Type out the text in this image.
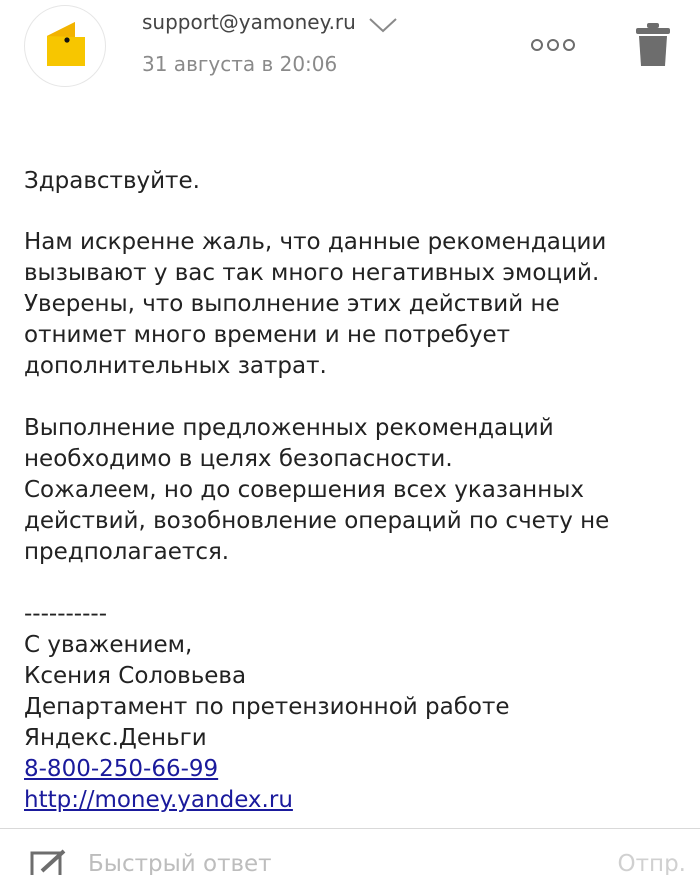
support@yamoney.ru
31 августа в 20:06
Здравствуйте.
Нам искренне жаль, что данные рекомендации
вызывают у вас так много негативных эмоций.
Уверены, что выполнение этих действий не
отнимет много времени и не потребует
дополнительных затрат.
Выполнение предложенных рекомендаций
необходимо в целях безопасности.
Сожалеем, но до совершения всех указанных
действий, возобновление операций по счету не
предполагается.
----------
С уважением,
Ксения Соловьева
Департамент по претензионной работе
Яндекс.Деньги
8-800-250-66-99
http://money.yandex.ru
Быстрый ответ	Отпр.
